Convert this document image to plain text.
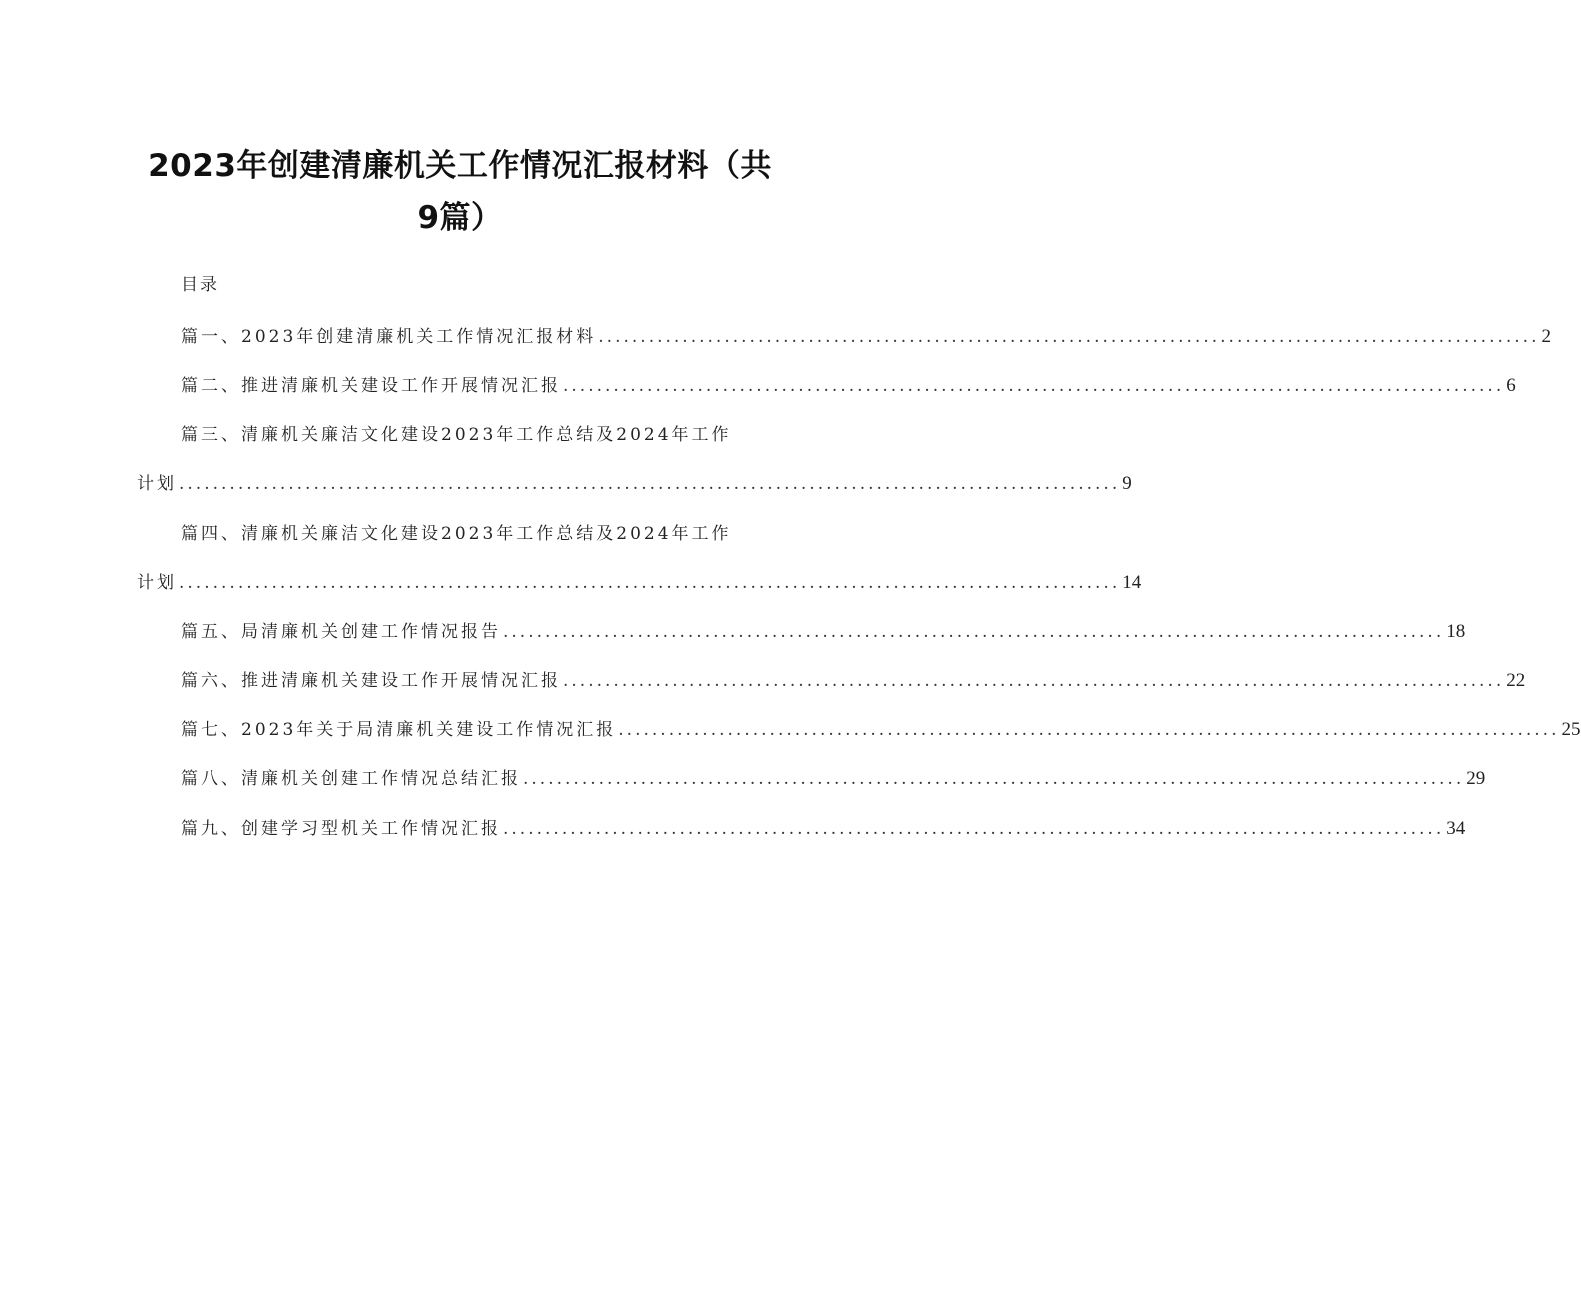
2023年创建清廉机关工作情况汇报材料（共
9篇）
目录
篇一、2023年创建清廉机关工作情况汇报材料 ................................................................................................................ 2
篇二、推进清廉机关建设工作开展情况汇报 ................................................................................................................ 6
篇三、清廉机关廉洁文化建设2023年工作总结及2024年工作
计划 ................................................................................................................ 9
篇四、清廉机关廉洁文化建设2023年工作总结及2024年工作
计划 ................................................................................................................ 14
篇五、局清廉机关创建工作情况报告 ................................................................................................................ 18
篇六、推进清廉机关建设工作开展情况汇报 ................................................................................................................ 22
篇七、2023年关于局清廉机关建设工作情况汇报 ................................................................................................................ 25
篇八、清廉机关创建工作情况总结汇报 ................................................................................................................ 29
篇九、创建学习型机关工作情况汇报 ................................................................................................................ 34
